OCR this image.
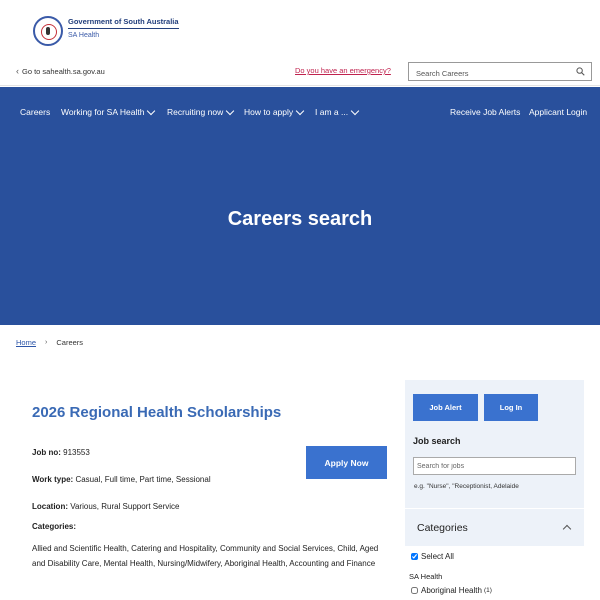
Government of South Australia
SA Health
‹ Go to sahealth.sa.gov.au	Do you have an emergency?
Search Careers
Careers Working for SA Health	Recruiting now How to apply	I am a ...	Receive Job Alerts Applicant Login
Careers search
Home › Careers
2026 Regional Health Scholarships
Job no: 913553
Work type: Casual, Full time, Part time, Sessional
Location: Various, Rural Support Service
Categories:
Allied and Scientific Health, Catering and Hospitality, Community and Social Services, Child, Aged and Disability Care, Mental Health, Nursing/Midwifery, Aboriginal Health, Accounting and Finance
Apply Now
Job Alert	Log In
Job search
Search for jobs
e.g. "Nurse", "Receptionist, Adelaide
Categories
Select All
SA Health
Aboriginal Health (1)
